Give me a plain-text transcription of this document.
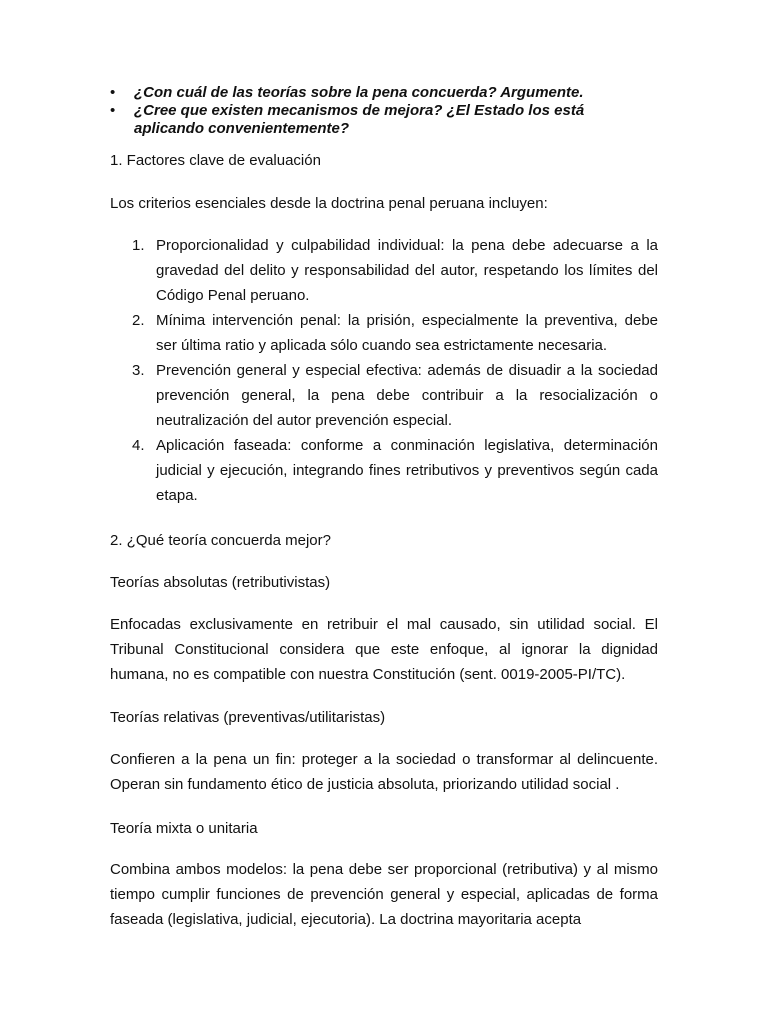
• ¿Con cuál de las teorías sobre la pena concuerda? Argumente.
• ¿Cree que existen mecanismos de mejora? ¿El Estado los está aplicando convenientemente?

1. Factores clave de evaluación

Los criterios esenciales desde la doctrina penal peruana incluyen:

1. Proporcionalidad y culpabilidad individual: la pena debe adecuarse a la gravedad del delito y responsabilidad del autor, respetando los límites del Código Penal peruano.
2. Mínima intervención penal: la prisión, especialmente la preventiva, debe ser última ratio y aplicada sólo cuando sea estrictamente necesaria.
3. Prevención general y especial efectiva: además de disuadir a la sociedad prevención general, la pena debe contribuir a la resocialización o neutralización del autor prevención especial.
4. Aplicación faseada: conforme a conminación legislativa, determinación judicial y ejecución, integrando fines retributivos y preventivos según cada etapa.

2. ¿Qué teoría concuerda mejor?

Teorías absolutas (retributivistas)

Enfocadas exclusivamente en retribuir el mal causado, sin utilidad social. El Tribunal Constitucional considera que este enfoque, al ignorar la dignidad humana, no es compatible con nuestra Constitución (sent. 0019-2005-PI/TC).

Teorías relativas (preventivas/utilitaristas)

Confieren a la pena un fin: proteger a la sociedad o transformar al delincuente. Operan sin fundamento ético de justicia absoluta, priorizando utilidad social .

Teoría mixta o unitaria

Combina ambos modelos: la pena debe ser proporcional (retributiva) y al mismo tiempo cumplir funciones de prevención general y especial, aplicadas de forma faseada (legislativa, judicial, ejecutoria). La doctrina mayoritaria acepta
